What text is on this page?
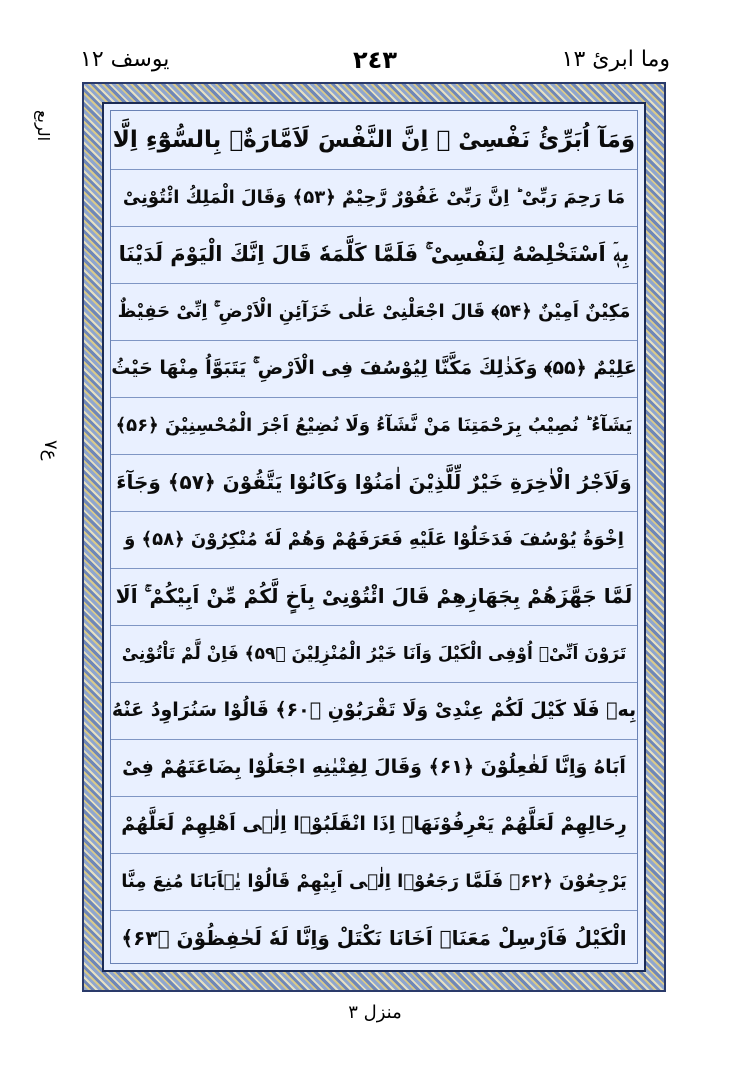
وما ابرئ ١٣
٢٤٣
يوسف ١٢
الربع
ع٧
وَمَآ اُبَرِّئُ نَفْسِىْ ۚ اِنَّ النَّفْسَ لَاَمَّارَةٌۢ بِالسُّوْٓءِ اِلَّا
مَا رَحِمَ رَبِّىْ ؕ اِنَّ رَبِّىْ غَفُوْرٌ رَّحِيْمٌ ﴿۵۳﴾ وَقَالَ الْمَلِكُ ائْتُوْنِىْ
بِهٖۤ اَسْتَخْلِصْهُ لِنَفْسِىْ ۚ فَلَمَّا كَلَّمَهٗ قَالَ اِنَّكَ الْيَوْمَ لَدَيْنَا
مَكِيْنٌ اَمِيْنٌ ﴿۵۴﴾ قَالَ اجْعَلْنِىْ عَلٰى خَزَآئِنِ الْاَرْضِ ۚ اِنِّىْ حَفِيْظٌ
عَلِيْمٌ ﴿۵۵﴾ وَكَذٰلِكَ مَكَّنَّا لِيُوْسُفَ فِى الْاَرْضِ ۚ يَتَبَوَّاُ مِنْهَا حَيْثُ
يَشَآءُ ؕ نُصِيْبُ بِرَحْمَتِنَا مَنْ نَّشَآءُ وَلَا نُضِيْعُ اَجْرَ الْمُحْسِنِيْنَ ﴿۵۶﴾
وَلَاَجْرُ الْاٰخِرَةِ خَيْرٌ لِّلَّذِيْنَ اٰمَنُوْا وَكَانُوْا يَتَّقُوْنَ ﴿۵۷﴾ وَجَآءَ
اِخْوَةُ يُوْسُفَ فَدَخَلُوْا عَلَيْهِ فَعَرَفَهُمْ وَهُمْ لَهٗ مُنْكِرُوْنَ ﴿۵۸﴾ وَ
لَمَّا جَهَّزَهُمْ بِجَهَازِهِمْ قَالَ ائْتُوْنِىْ بِاَخٍ لَّكُمْ مِّنْ اَبِيْكُمْ ۚ اَلَا
تَرَوْنَ اَنِّىْۤ اُوْفِى الْكَيْلَ وَاَنَا خَيْرُ الْمُنْزِلِيْنَ ﴿۵۹﴾ فَاِنْ لَّمْ تَاْتُوْنِىْ
بِهٖ فَلَا كَيْلَ لَكُمْ عِنْدِىْ وَلَا تَقْرَبُوْنِ ﴿۶۰﴾ قَالُوْا سَنُرَاوِدُ عَنْهُ
اَبَاهُ وَاِنَّا لَفٰعِلُوْنَ ﴿۶۱﴾ وَقَالَ لِفِتْيٰنِهِ اجْعَلُوْا بِضَاعَتَهُمْ فِىْ
رِحَالِهِمْ لَعَلَّهُمْ يَعْرِفُوْنَهَاۤ اِذَا انْقَلَبُوْۤا اِلٰۤى اَهْلِهِمْ لَعَلَّهُمْ
يَرْجِعُوْنَ ﴿۶۲﴾ فَلَمَّا رَجَعُوْۤا اِلٰۤى اَبِيْهِمْ قَالُوْا يٰۤاَبَانَا مُنِعَ مِنَّا
الْكَيْلُ فَاَرْسِلْ مَعَنَاۤ اَخَانَا نَكْتَلْ وَاِنَّا لَهٗ لَحٰفِظُوْنَ ﴿۶۳﴾
منزل ٣
